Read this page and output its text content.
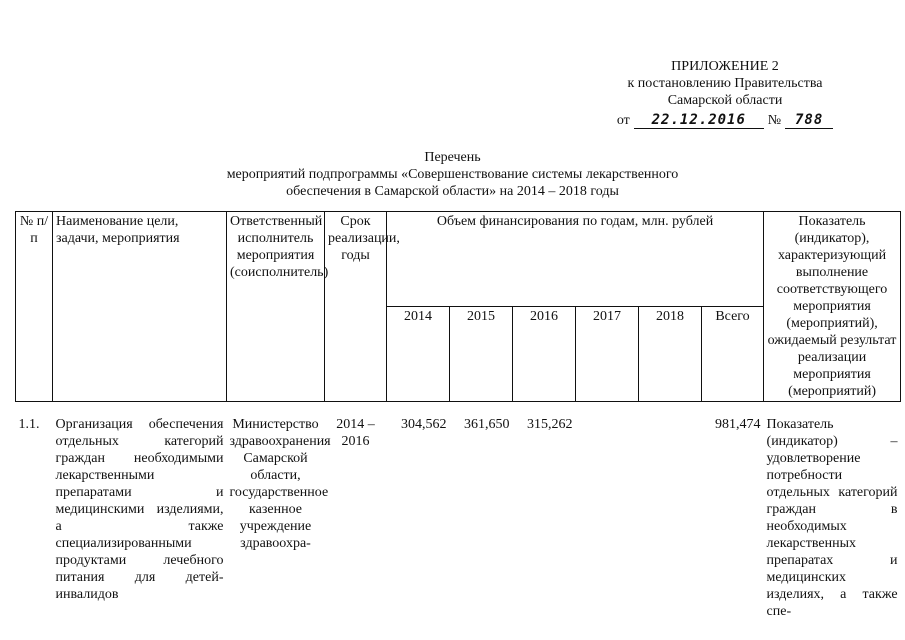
ПРИЛОЖЕНИЕ 2
к постановлению Правительства
Самарской области
от	22.12.2016	№ 788
Перечень
мероприятий подпрограммы «Совершенствование системы лекарственного
обеспечения в Самарской области» на 2014 – 2018 годы
№ п/п	Наименование цели, задачи, мероприятия	Ответственный исполнитель мероприятия (соисполнитель)	Срок реализации, годы	Объем финансирования по годам, млн. рублей						Показатель (индикатор), характеризующий выполнение соответствующего мероприятия (мероприятий), ожидаемый результат реализации мероприятия (мероприятий)
				2014	2015	2016	2017	2018	Всего	

1.1.	Организация обеспечения отдельных категорий граждан необходимыми лекарственными препаратами и медицинскими изделиями, а также специализированными продуктами лечебного питания для детей-инвалидов	Министерство здравоохранения Самарской области, государственное казенное учреждение здравоохра-	2014 – 2016	304,562	361,650	315,262			981,474	Показатель (индикатор) – удовлетворение потребности отдельных категорий граждан в необходимых лекарственных препаратах и медицинских изделиях, а также спе-
